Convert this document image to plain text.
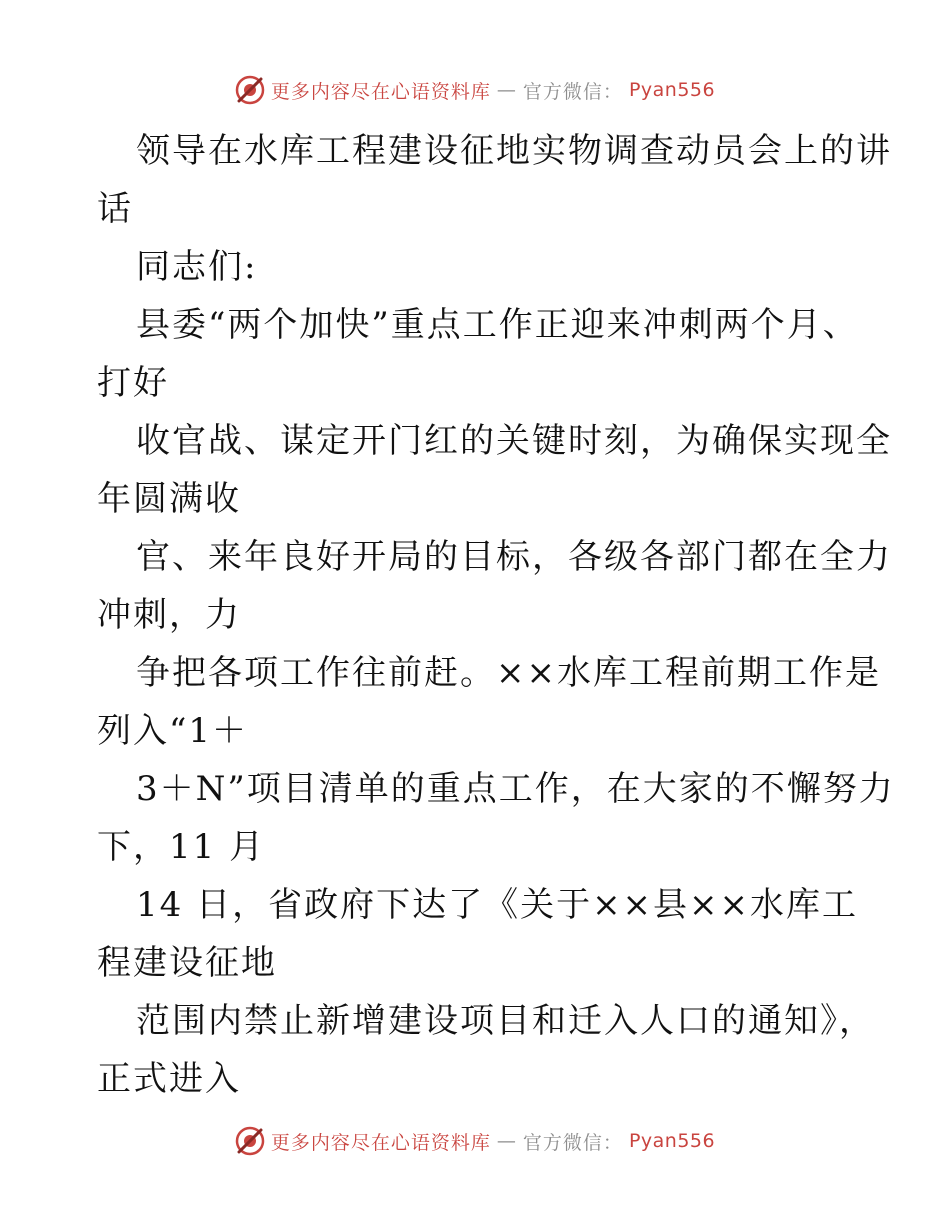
更多内容尽在心语资料库 — 官方微信： Pyan556
领导在水库工程建设征地实物调查动员会上的讲
话
同志们:
县委“两个加快”重点工作正迎来冲刺两个月、
打好
收官战、谋定开门红的关键时刻，为确保实现全
年圆满收
官、来年良好开局的目标，各级各部门都在全力
冲刺，力
争把各项工作往前赶。××水库工程前期工作是
列入“1＋
3＋N”项目清单的重点工作，在大家的不懈努力
下，11 月
14 日，省政府下达了《关于××县××水库工
程建设征地
范围内禁止新增建设项目和迁入人口的通知》，
正式进入
更多内容尽在心语资料库 — 官方微信： Pyan556
